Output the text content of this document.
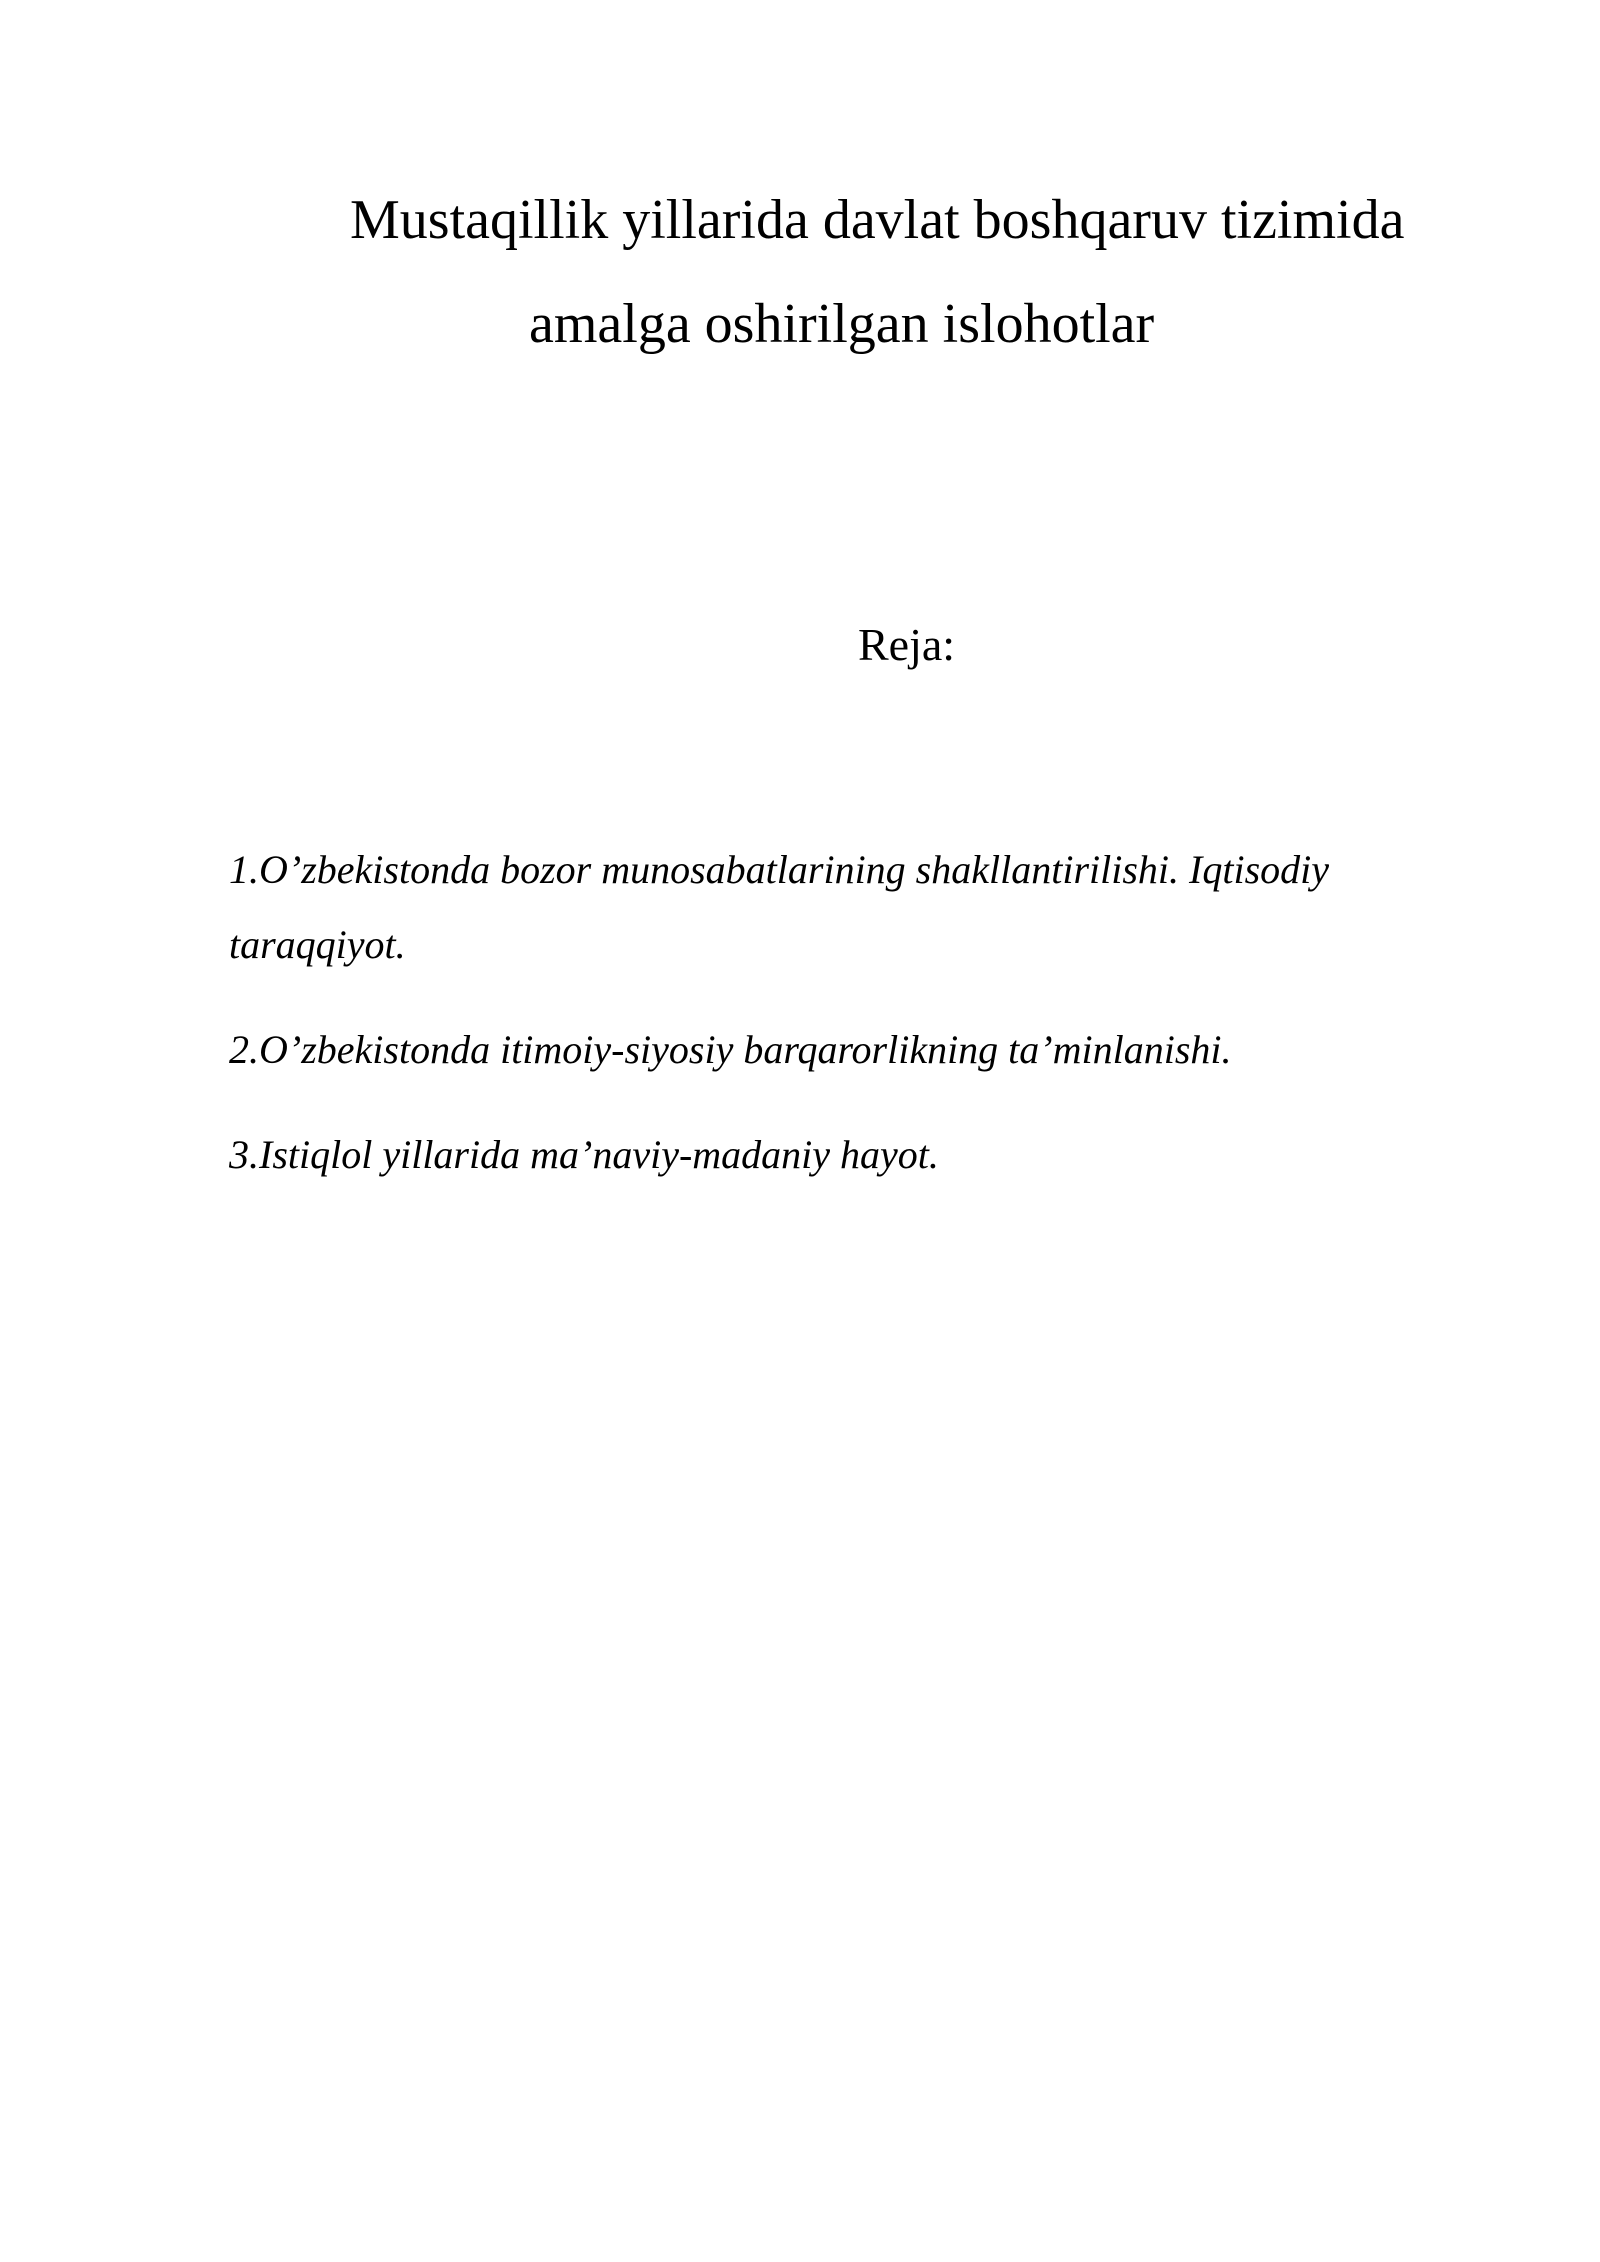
Mustaqillik yillarida davlat boshqaruv tizimida
amalga oshirilgan islohotlar
Reja:
1.O’zbekistonda bozor munosabatlarining shakllantirilishi. Iqtisodiy taraqqiyot.
2.O’zbekistonda itimoiy-siyosiy barqarorlikning ta’minlanishi.
3.Istiqlol yillarida ma’naviy-madaniy hayot.
